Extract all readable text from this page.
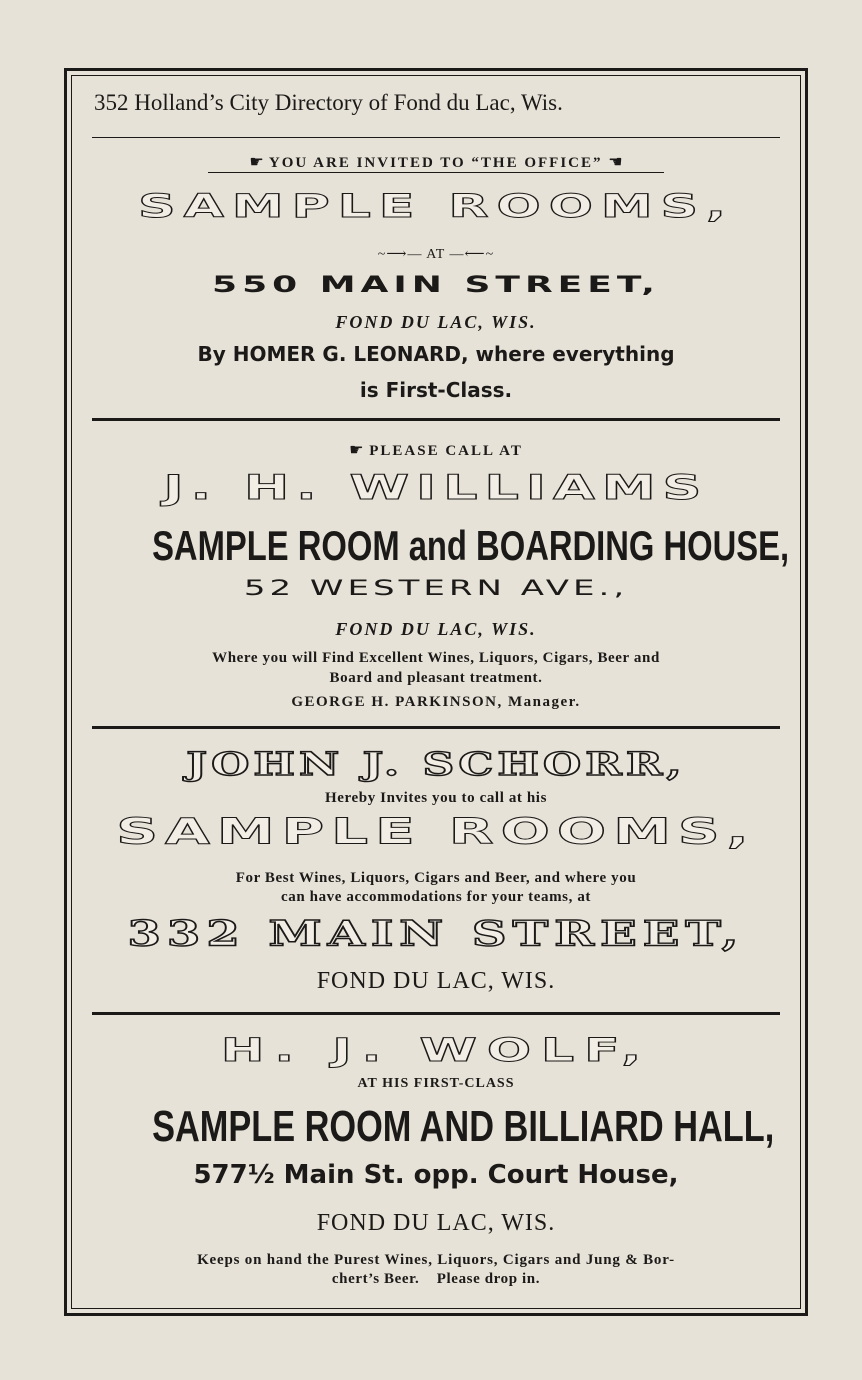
352 Holland’s City Directory of Fond du Lac, Wis.
☛ YOU ARE INVITED TO “THE OFFICE” ☚
SAMPLE ROOMS,
~⟶— AT —⟵~
550 MAIN STREET,
FOND DU LAC, WIS.
By HOMER G. LEONARD, where everything
is First-Class.
☛ PLEASE CALL AT
J. H. WILLIAMS
SAMPLE ROOM and BOARDING HOUSE,
52 WESTERN AVE.,
FOND DU LAC, WIS.
Where you will Find Excellent Wines, Liquors, Cigars, Beer and
Board and pleasant treatment.
GEORGE H. PARKINSON, Manager.
JOHN J. SCHORR,
Hereby Invites you to call at his
SAMPLE ROOMS,
For Best Wines, Liquors, Cigars and Beer, and where you
can have accommodations for your teams, at
332 MAIN STREET,
FOND DU LAC, WIS.
H. J. WOLF,
AT HIS FIRST-CLASS
SAMPLE ROOM AND BILLIARD HALL,
577½ Main St. opp. Court House,
FOND DU LAC, WIS.
Keeps on hand the Purest Wines, Liquors, Cigars and Jung & Bor-
chert’s Beer.    Please drop in.
